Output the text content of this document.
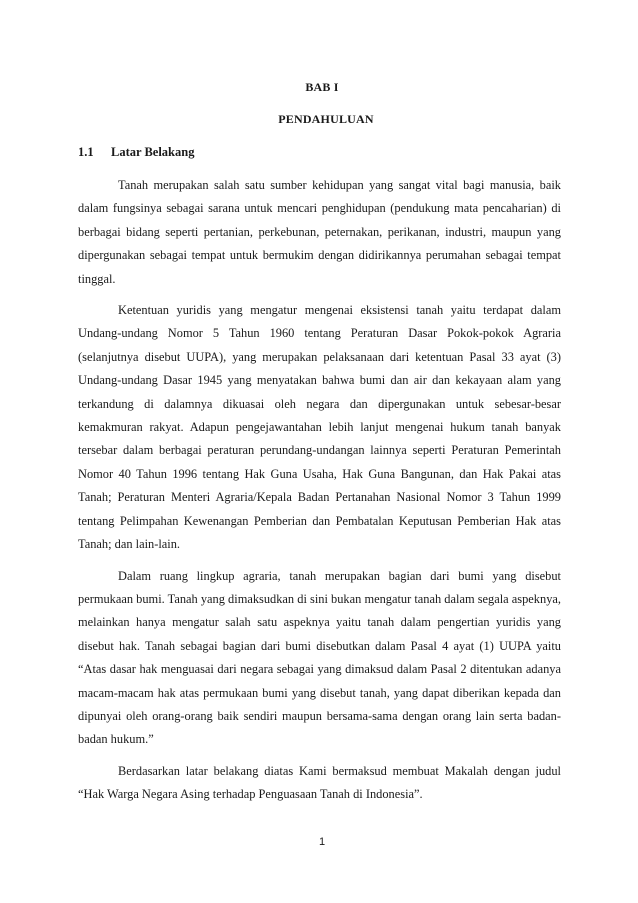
BAB I
PENDAHULUAN
1.1 Latar Belakang

Tanah merupakan salah satu sumber kehidupan yang sangat vital bagi manusia, baik dalam fungsinya sebagai sarana untuk mencari penghidupan (pendukung mata pencaharian) di berbagai bidang seperti pertanian, perkebunan, peternakan, perikanan, industri, maupun yang dipergunakan sebagai tempat untuk bermukim dengan didirikannya perumahan sebagai tempat tinggal.

Ketentuan yuridis yang mengatur mengenai eksistensi tanah yaitu terdapat dalam Undang-undang Nomor 5 Tahun 1960 tentang Peraturan Dasar Pokok-pokok Agraria (selanjutnya disebut UUPA), yang merupakan pelaksanaan dari ketentuan Pasal 33 ayat (3) Undang-undang Dasar 1945 yang menyatakan bahwa bumi dan air dan kekayaan alam yang terkandung di dalamnya dikuasai oleh negara dan dipergunakan untuk sebesar-besar kemakmuran rakyat. Adapun pengejawantahan lebih lanjut mengenai hukum tanah banyak tersebar dalam berbagai peraturan perundang-undangan lainnya seperti Peraturan Pemerintah Nomor 40 Tahun 1996 tentang Hak Guna Usaha, Hak Guna Bangunan, dan Hak Pakai atas Tanah; Peraturan Menteri Agraria/Kepala Badan Pertanahan Nasional Nomor 3 Tahun 1999 tentang Pelimpahan Kewenangan Pemberian dan Pembatalan Keputusan Pemberian Hak atas Tanah; dan lain-lain.

Dalam ruang lingkup agraria, tanah merupakan bagian dari bumi yang disebut permukaan bumi. Tanah yang dimaksudkan di sini bukan mengatur tanah dalam segala aspeknya, melainkan hanya mengatur salah satu aspeknya yaitu tanah dalam pengertian yuridis yang disebut hak. Tanah sebagai bagian dari bumi disebutkan dalam Pasal 4 ayat (1) UUPA yaitu “Atas dasar hak menguasai dari negara sebagai yang dimaksud dalam Pasal 2 ditentukan adanya macam-macam hak atas permukaan bumi yang disebut tanah, yang dapat diberikan kepada dan dipunyai oleh orang-orang baik sendiri maupun bersama-sama dengan orang lain serta badan-badan hukum.”

Berdasarkan latar belakang diatas Kami bermaksud membuat Makalah dengan judul “Hak Warga Negara Asing terhadap Penguasaan Tanah di Indonesia”.

1
